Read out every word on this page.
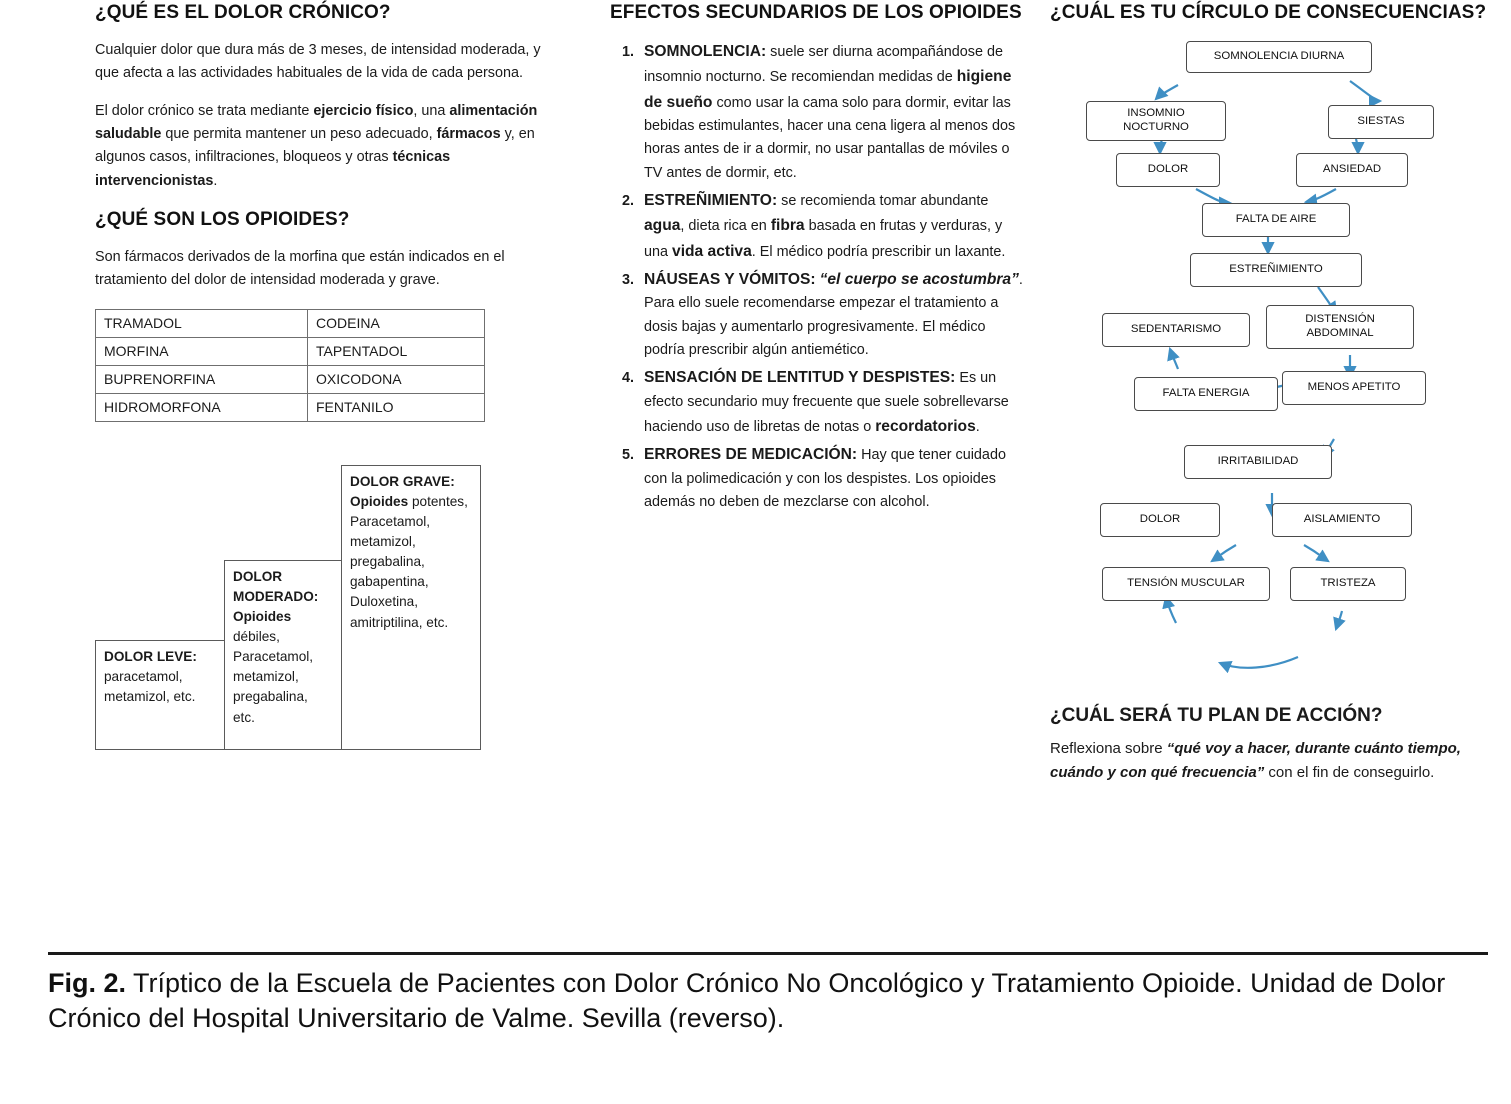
¿QUÉ ES EL DOLOR CRÓNICO?

Cualquier dolor que dura más de 3 meses, de intensidad moderada, y que afecta a las actividades habituales de la vida de cada persona.

El dolor crónico se trata mediante ejercicio físico, una alimentación saludable que permita mantener un peso adecuado, fármacos y, en algunos casos, infiltraciones, bloqueos y otras técnicas intervencionistas.

¿QUÉ SON LOS OPIOIDES?

Son fármacos derivados de la morfina que están indicados en el tratamiento del dolor de intensidad moderada y grave.

TRAMADOL	CODEINA
MORFINA	TAPENTADOL
BUPRENORFINA	OXICODONA
HIDROMORFONA	FENTANILO
DOLOR GRAVE:
Opioides potentes, Paracetamol, metamizol, pregabalina, gabapentina, Duloxetina, amitriptilina, etc.
DOLOR MODERADO:
Opioides débiles, Paracetamol, metamizol, pregabalina, etc.
DOLOR LEVE:
paracetamol, metamizol, etc.
EFECTOS SECUNDARIOS DE LOS OPIOIDES
1. SOMNOLENCIA: suele ser diurna acompañándose de insomnio nocturno. Se recomiendan medidas de higiene de sueño como usar la cama solo para dormir, evitar las bebidas estimulantes, hacer una cena ligera al menos dos horas antes de ir a dormir, no usar pantallas de móviles o TV antes de dormir, etc.
2. ESTREÑIMIENTO: se recomienda tomar abundante agua, dieta rica en fibra basada en frutas y verduras, y una vida activa. El médico podría prescribir un laxante.
3. NÁUSEAS Y VÓMITOS: “el cuerpo se acostumbra”. Para ello suele recomendarse empezar el tratamiento a dosis bajas y aumentarlo progresivamente. El médico podría prescribir algún antiemético.
4. SENSACIÓN DE LENTITUD Y DESPISTES: Es un efecto secundario muy frecuente que suele sobrellevarse haciendo uso de libretas de notas o recordatorios.
5. ERRORES DE MEDICACIÓN: Hay que tener cuidado con la polimedicación y con los despistes. Los opioides además no deben de mezclarse con alcohol.
¿CUÁL ES TU CÍRCULO DE CONSECUENCIAS?
SOMNOLENCIA DIURNA
INSOMNIO NOCTURNO	SIESTAS
DOLOR	ANSIEDAD
FALTA DE AIRE
ESTREÑIMIENTO
SEDENTARISMO
DISTENSIÓN ABDOMINAL
FALTA ENERGIA	MENOS APETITO
IRRITABILIDAD
DOLOR	AISLAMIENTO
TENSIÓN MUSCULAR	TRISTEZA
¿CUÁL SERÁ TU PLAN DE ACCIÓN?

Reflexiona sobre “qué voy a hacer, durante cuánto tiempo, cuándo y con qué frecuencia” con el fin de conseguirlo.

Fig. 2. Tríptico de la Escuela de Pacientes con Dolor Crónico No Oncológico y Tratamiento Opioide. Unidad de Dolor Crónico del Hospital Universitario de Valme. Sevilla (reverso).
